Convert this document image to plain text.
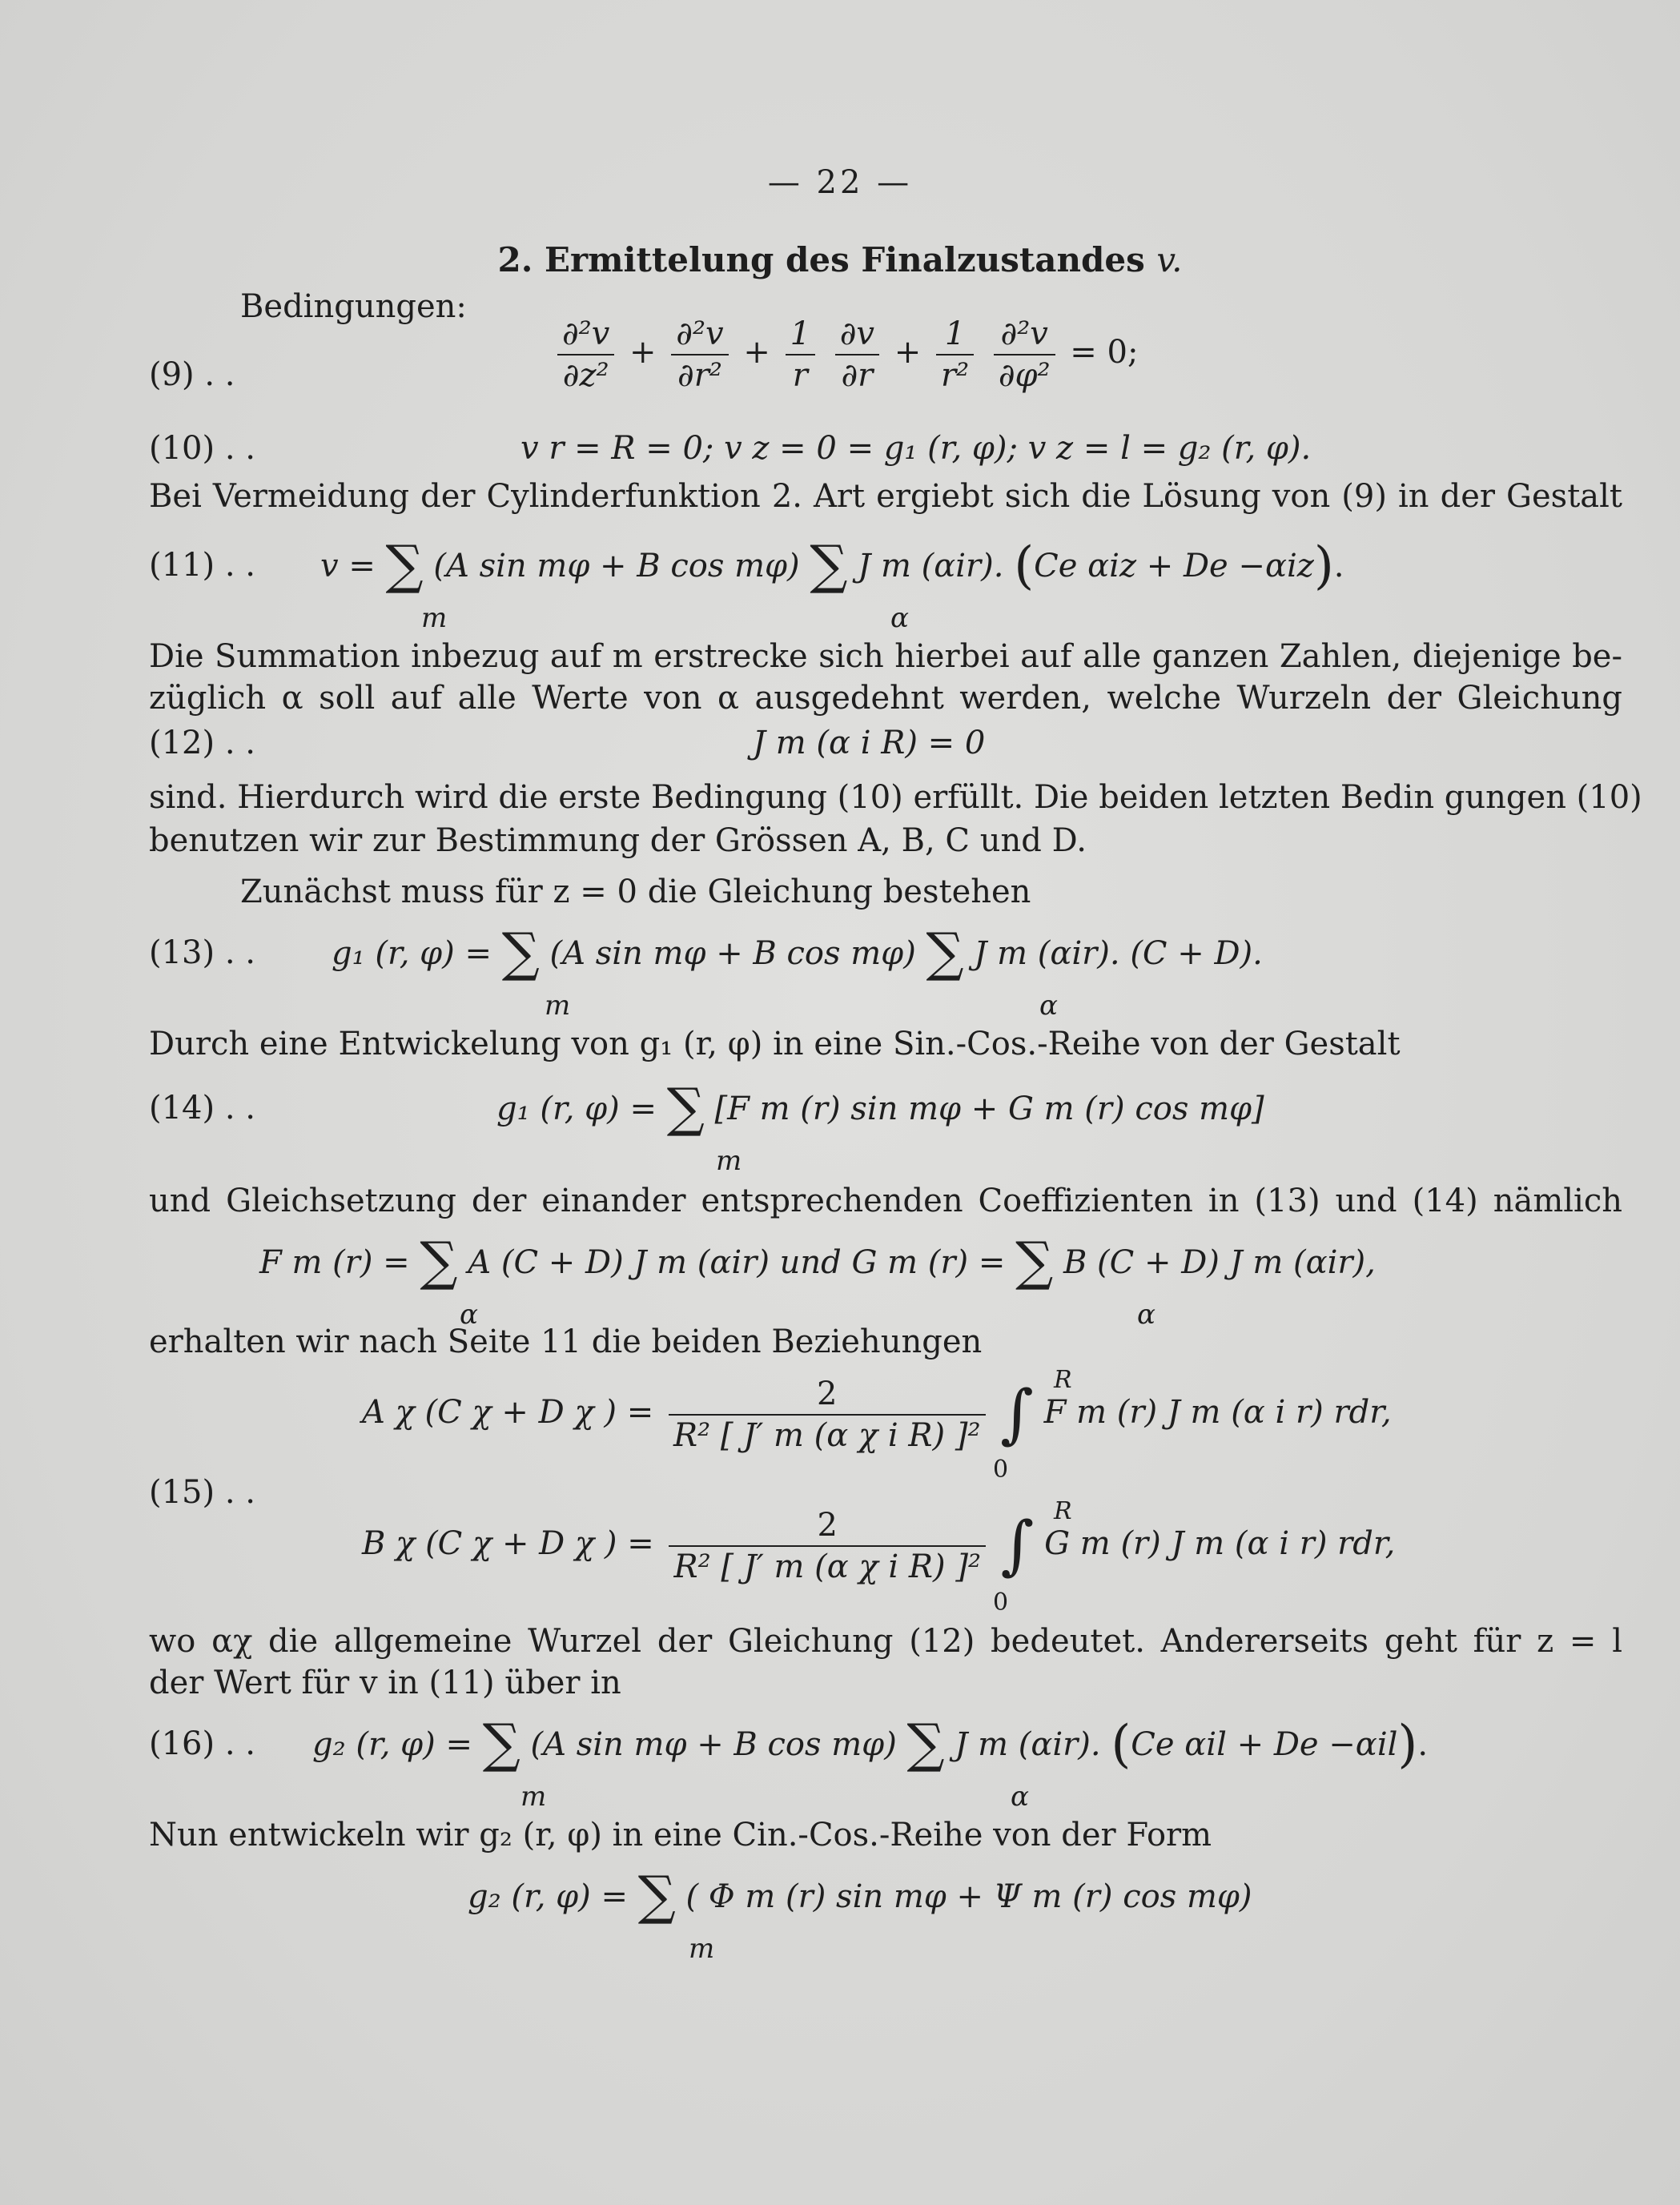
— 22 —
2. Ermittelung des Finalzustandes v.
Bedingungen:
(9) . .	$\frac{\text{∂²v}}{\text{∂z²}} + \frac{\text{∂²v}}{\text{∂r²}} + \frac{1}{r}$
$\frac{\partial v}{\partial r} + \frac{1}{\text{r²}}$
$\frac{\text{∂²v}}{\text{∂φ²}} = 0$;
(10) . .	v r = R = 0; v z = 0 = g₁ (r, φ); v z = l = g₂ (r, φ).
Bei Vermeidung der Cylinderfunktion 2. Art ergiebt sich die Lösung von (9) in der Gestalt
(11) . . v = ∑ (A sin mφ + B cos mφ) ∑ J m (αir). (Ce αiz + De −αiz).
m	α
Die Summation inbezug auf m erstrecke sich hierbei auf alle ganzen Zahlen, diejenige be-
züglich α soll auf alle Werte von α ausgedehnt werden, welche Wurzeln der Gleichung
(12) . .	J m (α i R) = 0
sind. Hierdurch wird die erste Bedingung (10) erfüllt. Die beiden letzten Bedin gungen (10)
benutzen wir zur Bestimmung der Grössen A, B, C und D.
Zunächst muss für z = 0 die Gleichung bestehen
(13) . . g₁ (r, φ) = ∑ (A sin mφ + B cos mφ) ∑ J m (αir). (C + D).
m	α
Durch eine Entwickelung von g₁ (r, φ) in eine Sin.-Cos.-Reihe von der Gestalt
(14) . .	g₁ (r, φ) = ∑ [F m (r) sin mφ + G m (r) cos mφ]
m
und Gleichsetzung der einander entsprechenden Coeffizienten in (13) und (14) nämlich
F m (r) = ∑ A (C + D) J m (αir) und G m (r) = ∑ B (C + D) J m (αir),
α	α
erhalten wir nach Seite 11 die beiden Beziehungen
(15) . .
A χ (C χ + D χ ) = $\frac{2}{\text{R² [ J′ m (α χ i R) ]²}}$ ∫ F m (r) J m (α i r) rdr,
R
0
B χ (C χ + D χ ) = $\frac{2}{\text{R² [ J′ m (α χ i R) ]²}}$ ∫ G m (r) J m (α i r) rdr,
R
0
wo αχ die allgemeine Wurzel der Gleichung (12) bedeutet. Andererseits geht für z = l
der Wert für v in (11) über in
(16) . . g₂ (r, φ) = ∑ (A sin mφ + B cos mφ) ∑ J m (αir). (Ce αil + De −αil).
m	α
Nun entwickeln wir g₂ (r, φ) in eine Cin.-Cos.-Reihe von der Form
g₂ (r, φ) = ∑ ( Φ m (r) sin mφ + Ψ m (r) cos mφ)
m
